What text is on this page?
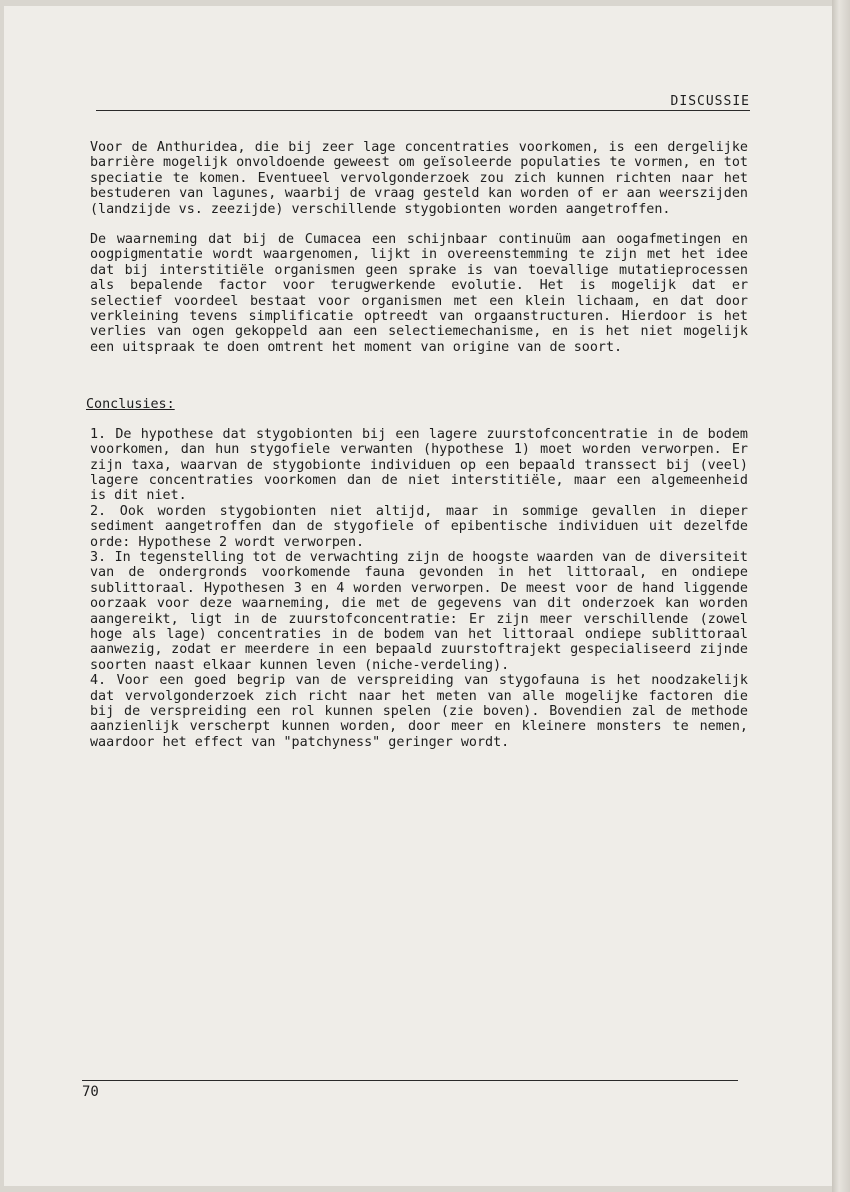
DISCUSSIE

Voor de Anthuridea, die bij zeer lage concentraties voorkomen, is een dergelijke barrière mogelijk onvoldoende geweest om geïsoleerde populaties te vormen, en tot speciatie te komen. Eventueel vervolgonderzoek zou zich kunnen richten naar het bestuderen van lagunes, waarbij de vraag gesteld kan worden of er aan weerszijden (landzijde vs. zeezijde) verschillende stygobionten worden aangetroffen.

De waarneming dat bij de Cumacea een schijnbaar continuüm aan oogafmetingen en oogpigmentatie wordt waargenomen, lijkt in overeenstemming te zijn met het idee dat bij interstitiële organismen geen sprake is van toevallige mutatieprocessen als bepalende factor voor terugwerkende evolutie. Het is mogelijk dat er selectief voordeel bestaat voor organismen met een klein lichaam, en dat door verkleining tevens simplificatie optreedt van orgaanstructuren. Hierdoor is het verlies van ogen gekoppeld aan een selectiemechanisme, en is het niet mogelijk een uitspraak te doen omtrent het moment van origine van de soort.

Conclusies:

1. De hypothese dat stygobionten bij een lagere zuurstofconcentratie in de bodem voorkomen, dan hun stygofiele verwanten (hypothese 1) moet worden verworpen. Er zijn taxa, waarvan de stygobionte individuen op een bepaald transsect bij (veel) lagere concentraties voorkomen dan de niet interstitiële, maar een algemeenheid is dit niet.

2. Ook worden stygobionten niet altijd, maar in sommige gevallen in dieper sediment aangetroffen dan de stygofiele of epibentische individuen uit dezelfde orde: Hypothese 2 wordt verworpen.

3. In tegenstelling tot de verwachting zijn de hoogste waarden van de diversiteit van de ondergronds voorkomende fauna gevonden in het littoraal, en ondiepe sublittoraal. Hypothesen 3 en 4 worden verworpen. De meest voor de hand liggende oorzaak voor deze waarneming, die met de gegevens van dit onderzoek kan worden aangereikt, ligt in de zuurstofconcentratie: Er zijn meer verschillende (zowel hoge als lage) concentraties in de bodem van het littoraal ondiepe sublittoraal aanwezig, zodat er meerdere in een bepaald zuurstoftrajekt gespecialiseerd zijnde soorten naast elkaar kunnen leven (niche-verdeling).

4. Voor een goed begrip van de verspreiding van stygofauna is het noodzakelijk dat vervolgonderzoek zich richt naar het meten van alle mogelijke factoren die bij de verspreiding een rol kunnen spelen (zie boven). Bovendien zal de methode aanzienlijk verscherpt kunnen worden, door meer en kleinere monsters te nemen, waardoor het effect van "patchyness" geringer wordt.

70
